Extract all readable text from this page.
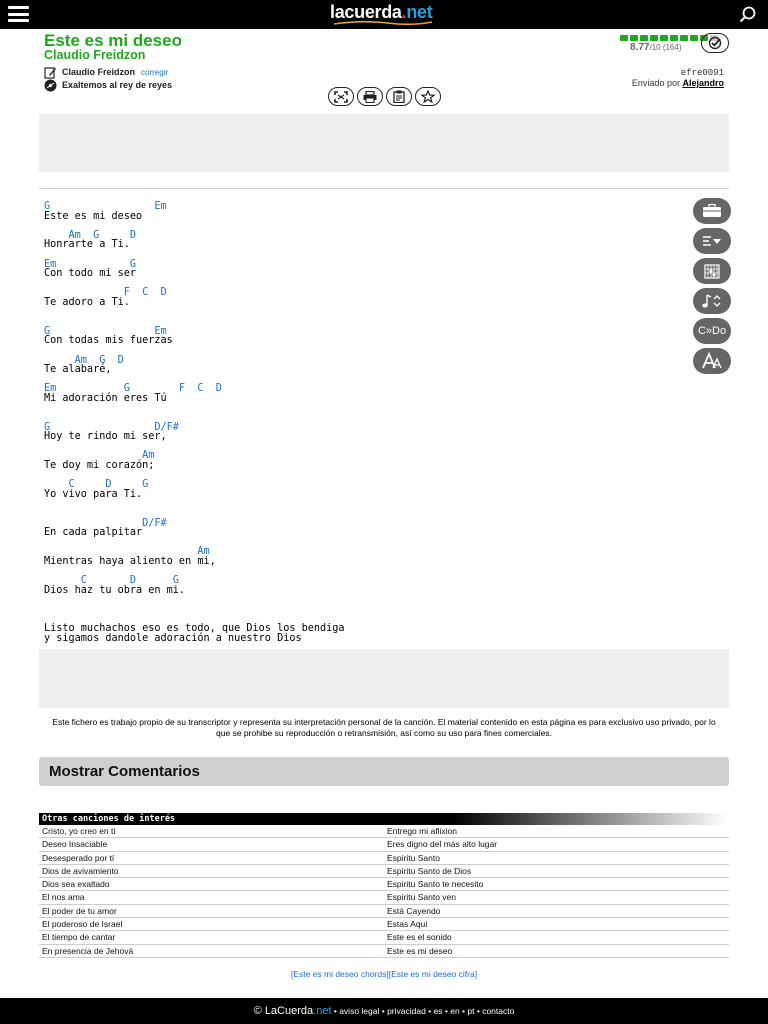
lacuerda . net
Este es mi deseo
Claudio Freidzon
Claudio Freidzon corregir
Exaltemos al rey de reyes
8.77/10 (164)
efre0091
Enviado por Alejandro
G                 Em
Este es mi deseo
Am  G     D
Honrarte a Ti.
Em            G
Con todo mi ser
F  C  D
Te adoro a Ti.
G                 Em
Con todas mis fuerzas
Am  G  D
Te alabaré,
Em           G        F  C  D
Mi adoración eres Tú
G                 D/F#
Hoy te rindo mi ser,
Am
Te doy mi corazón;
C     D     G
Yo vivo para Ti.
D/F#
En cada palpitar
Am
Mientras haya aliento en mi,
C       D      G
Dios haz tu obra en mi.
Listo muchachos eso es todo, que Dios los bendiga
y sigamos dandole adoración a nuestro Dios
C»Do
Este fichero es trabajo propio de su transcriptor y representa su interpretación personal de la canción. El material contenido en esta página es para exclusivo uso privado, por lo que se prohibe su reproducción o retransmisión, así como su uso para fines comerciales.
Mostrar Comentarios
Otras canciones de interés
Cristo, yo creo en tí	Entrego mi aflixion
Deseo Insaciable	Eres digno del más alto lugar
Desesperado por tí	Espiritu Santo
Dios de avivamiento	Espiritu Santo de Dios
Dios sea exaltado	Espiritu Santo te necesito
El nos ama	Espiritu Santo ven
El poder de tu amor	Está Cayendo
El poderoso de Israel	Estas Aquí
El tiempo de cantar	Este es el sonido
En presencia de Jehová	Este es mi deseo
[Este es mi deseo chords][Este es mi deseo cifra]
© LaCuerda.net • aviso legal • privacidad • es • en • pt • contacto
